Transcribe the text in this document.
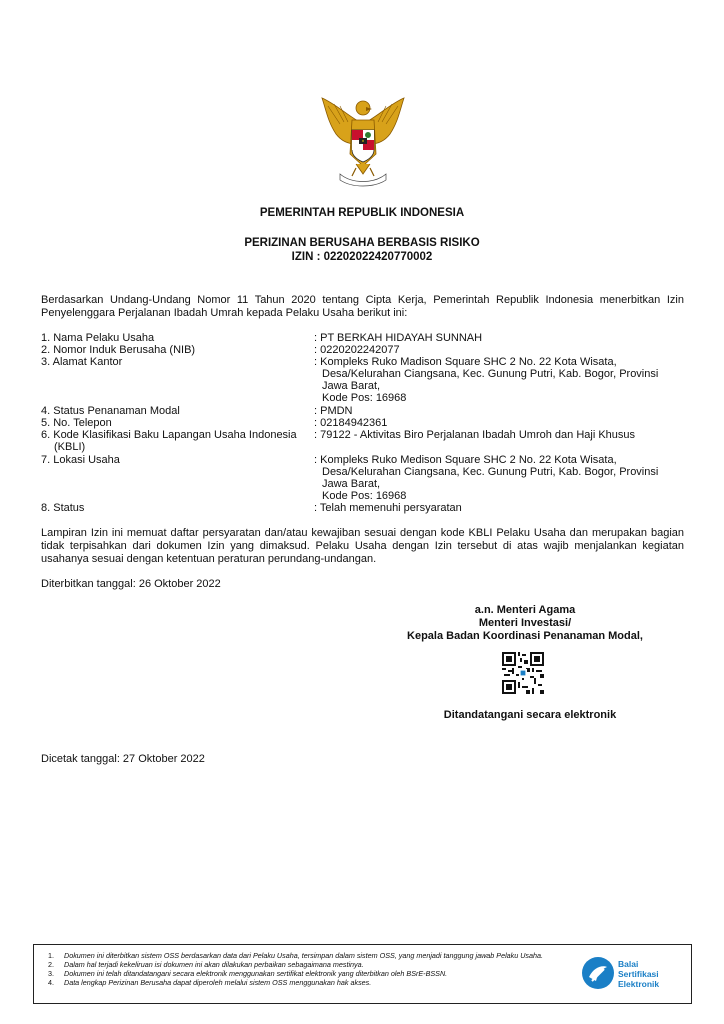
PEMERINTAH REPUBLIK INDONESIA
PERIZINAN BERUSAHA BERBASIS RISIKO
IZIN : 02202022420770002
Berdasarkan Undang-Undang Nomor 11 Tahun 2020 tentang Cipta Kerja, Pemerintah Republik Indonesia menerbitkan Izin Penyelenggara Perjalanan Ibadah Umrah kepada Pelaku Usaha berikut ini:
1. Nama Pelaku Usaha	: PT BERKAH HIDAYAH SUNNAH
2. Nomor Induk Berusaha (NIB)	: 0220202242077
3. Alamat Kantor	: Kompleks Ruko Madison Square SHC 2 No. 22 Kota Wisata,
Desa/Kelurahan Ciangsana, Kec. Gunung Putri, Kab. Bogor, Provinsi
Jawa Barat,
Kode Pos: 16968
4. Status Penanaman Modal	: PMDN
5. No. Telepon	: 02184942361
6. Kode Klasifikasi Baku Lapangan Usaha Indonesia
(KBLI)
: 79122 - Aktivitas Biro Perjalanan Ibadah Umroh dan Haji Khusus
7. Lokasi Usaha	: Kompleks Ruko Medison Square SHC 2 No. 22 Kota Wisata,
Desa/Kelurahan Ciangsana, Kec. Gunung Putri, Kab. Bogor, Provinsi
Jawa Barat,
Kode Pos: 16968
8. Status	: Telah memenuhi persyaratan
Lampiran Izin ini memuat daftar persyaratan dan/atau kewajiban sesuai dengan kode KBLI Pelaku Usaha dan merupakan bagian tidak terpisahkan dari dokumen Izin yang dimaksud. Pelaku Usaha dengan Izin tersebut di atas wajib menjalankan kegiatan usahanya sesuai dengan ketentuan peraturan perundang-undangan.
Diterbitkan tanggal: 26 Oktober 2022
a.n. Menteri Agama
Menteri Investasi/
Kepala Badan Koordinasi Penanaman Modal,
Ditandatangani secara elektronik
Dicetak tanggal: 27 Oktober 2022
1. Dokumen ini diterbitkan sistem OSS berdasarkan data dari Pelaku Usaha, tersimpan dalam sistem OSS, yang menjadi tanggung jawab Pelaku Usaha.
2. Dalam hal terjadi kekeliruan isi dokumen ini akan dilakukan perbaikan sebagaimana mestinya.
3. Dokumen ini telah ditandatangani secara elektronik menggunakan sertifikat elektronik yang diterbitkan oleh BSrE-BSSN.
4. Data lengkap Perizinan Berusaha dapat diperoleh melalui sistem OSS menggunakan hak akses.
Balai
Sertifikasi
Elektronik
